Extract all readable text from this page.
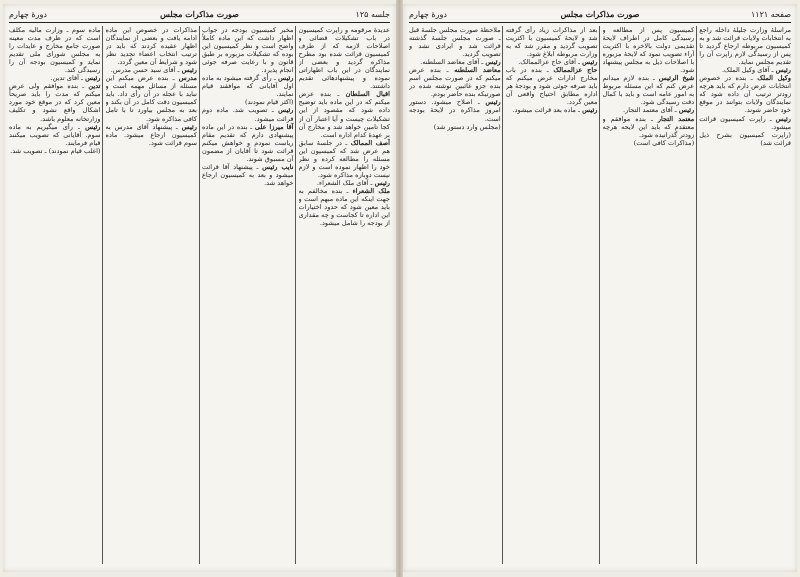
جلسه ۱۲۵
صورت مذاکرات مجلس
دورهٔ چهارم

عدیدهٔ مرقومه و راپرت کمیسیون در باب تشکیلات قضائی و اصلاحات لازمه که از طرف کمیسیون قرائت شده بود مطرح مذاکره گردید و بعضی از نمایندگان در این باب اظهاراتی نموده و پیشنهادهائی تقدیم داشتند.

اقبال السلطان ـ بنده عرض میکنم که در این ماده باید توضیح داده شود که مقصود از این تشکیلات چیست و آیا اعتبار آن از کجا تامین خواهد شد و مخارج آن بر عهدهٔ کدام اداره است.

آصف الممالک ـ در جلسهٔ سابق هم عرض شد که کمیسیون این مسئله را مطالعه کرده و نظر خود را اظهار نموده است و لازم نیست دوباره مذاکره شود.

رئیس ـ آقای ملک الشعراء.

ملک الشعراء ـ بنده مخالفم به جهت اینکه این ماده مبهم است و باید معین شود که حدود اختیارات این اداره تا کجاست و چه مقداری از بودجه را شامل میشود.

مخبر کمیسیون بودجه در جواب اظهار داشت که این ماده کاملاً واضح است و نظر کمیسیون این بوده که تشکیلات مزبوره بر طبق قانون و با رعایت صرفه جوئی انجام پذیرد.

رئیس ـ رأی گرفته میشود به ماده اول آقایانی که موافقند قیام نمایند.

(اکثر قیام نمودند)

رئیس ـ تصویب شد. ماده دوم قرائت میشود.

آقا میرزا علی ـ بنده در این ماده پیشنهادی دارم که تقدیم مقام ریاست نمودم و خواهش میکنم قرائت شود تا آقایان از مضمون آن مسبوق شوند.

نایب رئیس ـ پیشنهاد آقا قرائت میشود و بعد به کمیسیون ارجاع خواهد شد.

مذاکرات در خصوص این ماده ادامه یافت و بعضی از نمایندگان اظهار عقیده کردند که باید در ترتیب انتخاب اعضاء تجدید نظر شود و شرایط آن معین گردد.

رئیس ـ آقای سید حسن مدرس.

مدرس ـ بنده عرض میکنم این مسئله از مسائل مهمه است و نباید با عجله در آن رأی داد. باید کمیسیون دقت کامل در آن بکند و بعد به مجلس بیاورد تا با تامل کافی مذاکره شود.

رئیس ـ پیشنهاد آقای مدرس به کمیسیون ارجاع میشود. ماده سوم قرائت شود.

ماده سوم ـ وزارت مالیه مکلف است که در ظرف مدت معینه صورت جامع مخارج و عایدات را به مجلس شورای ملی تقدیم نماید و کمیسیون بودجه آن را رسیدگی کند.

رئیس ـ آقای تدین.

تدین ـ بنده موافقم ولی عرض میکنم که مدت را باید صریحاً معین کرد که در موقع خود مورد اشکال واقع نشود و تکلیف وزارتخانه معلوم باشد.

رئیس ـ رأی میگیریم به ماده سوم. آقایانی که تصویب میکنند قیام فرمایند.

(اغلب قیام نمودند) ـ تصویب شد.

صفحه ۱۱۲۱
صورت مذاکرات مجلس
دورهٔ چهارم

مراسلهٔ وزارت جلیلهٔ داخله راجع به انتخابات ولایات قرائت شد و به کمیسیون مربوطه ارجاع گردید تا پس از رسیدگی لازم راپرت آن را تقدیم مجلس نماید.

رئیس ـ آقای وکیل الملک.

وکیل الملک ـ بنده در خصوص انتخابات عرض دارم که باید هرچه زودتر ترتیب آن داده شود که نمایندگان ولایات بتوانند در موقع خود حاضر شوند.

رئیس ـ راپرت کمیسیون قرائت میشود.

(راپرت کمیسیون بشرح ذیل قرائت شد)

کمیسیون پس از مطالعه و رسیدگی کامل در اطراف لایحهٔ تقدیمی دولت بالاخره با اکثریت آراء تصویب نمود که لایحهٔ مزبوره با اصلاحات ذیل به مجلس پیشنهاد شود.

شیخ الرئیس ـ بنده لازم میدانم عرض کنم که این مسئله مربوط به امور عامه است و باید با کمال دقت رسیدگی شود.

رئیس ـ آقای معتمد التجار.

معتمد التجار ـ بنده موافقم و معتقدم که باید این لایحه هرچه زودتر گذرانیده شود.

(مذاکرات کافی است)

بعد از مذاکرات زیاد رأی گرفته شد و لایحهٔ کمیسیون با اکثریت تصویب گردید و مقرر شد که به وزارت مربوطه ابلاغ شود.

رئیس ـ آقای حاج عزالممالک.

حاج عزالممالک ـ بنده در باب مخارج ادارات عرض میکنم که باید صرفه جوئی شود و بودجهٔ هر اداره مطابق احتیاج واقعی آن معین گردد.

رئیس ـ ماده بعد قرائت میشود.

ملاحظهٔ صورت مجلس جلسهٔ قبل ـ صورت مجلس جلسهٔ گذشته قرائت شد و ایرادی نشد و تصویب گردید.

رئیس ـ آقای معاضد السلطنه.

معاضد السلطنه ـ بنده عرض میکنم که در صورت مجلس اسم بنده جزو غائبین نوشته شده در صورتیکه بنده حاضر بودم.

رئیس ـ اصلاح میشود. دستور امروز مذاکره در لایحهٔ بودجه است.

(مجلس وارد دستور شد)
